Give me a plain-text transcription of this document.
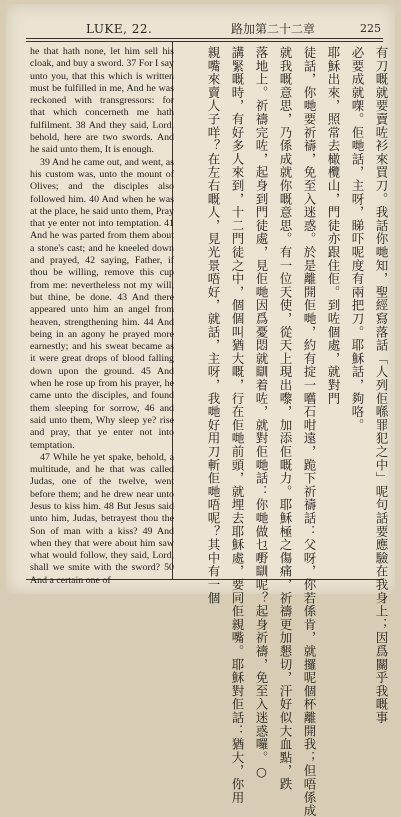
LUKE, 22.	路加第二十二章	225

he that hath none, let him sell his cloak, and buy a sword. 37 For I say unto you, that this which is written must be fulfilled in me, And he was reckoned with transgressors: for that which concerneth me hath fulfilment. 38 And they said, Lord, behold, here are two swords. And he said unto them, It is enough.

39 And he came out, and went, as his custom was, unto the mount of Olives; and the disciples also followed him. 40 And when he was at the place, he said unto them, Pray that ye enter not into temptation. 41 And he was parted from them about a stone's cast; and he kneeled down and prayed, 42 saying, Father, if thou be willing, remove this cup from me: nevertheless not my will, but thine, be done. 43 And there appeared unto him an angel from heaven, strengthening him. 44 And being in an agony he prayed more earnestly; and his sweat became as it were great drops of blood falling down upon the ground. 45 And when he rose up from his prayer, he came unto the disciples, and found them sleeping for sorrow, 46 and said unto them, Why sleep ye? rise and pray, that ye enter not into temptation.

47 While he yet spake, behold, a multitude, and he that was called Judas, one of the twelve, went before them; and he drew near unto Jesus to kiss him. 48 But Jesus said unto him, Judas, betrayest thou the Son of man with a kiss? 49 And when they that were about him saw what would follow, they said, Lord, shall we smite with the sword? 50 And a certain one of	有刀嘅就要賣咗衫來買刀。我話你哋知，聖經寫落話「人列佢喺罪犯之中」呢句話要應驗在我身上；因爲關乎我嘅事
必要成就㗎。佢哋話，主呀，睇吓呢度有兩把刀。耶穌話，夠咯。
耶穌出來，照常去橄欖山，門徒亦跟住佢。到咗個處，就對門
徒話，你哋要祈禱，免至入迷惑。於是離開佢哋，約有掟一嚿石咁遠，跪下祈禱話：父呀，你若係肯，就攞呢個杯離開我；但唔係成
就我嘅意思，乃係成就你嘅意思。有一位天使，從天上現出嚟，加添佢嘅力。耶穌極之傷痛，祈禱更加懇切，汗好似大血點，跌
落地上。祈禱完咗，起身到門徒處，見佢哋因爲憂悶就瞓着咗，就對佢哋話：你哋做乜嘢瞓呢？起身祈禱，免至入迷惑囉。○
講緊嘅時，有好多人來到，十二門徒之中，個個叫猶大嘅，行在佢哋前頭，就埋去耶穌處，要同佢親嘴。耶穌對佢話：猶大，你用
親嘴來賣人子咩？在左右嘅人，見光景唔好，就話，主呀，我哋好用刀斬佢哋唔呢？其中有一個
